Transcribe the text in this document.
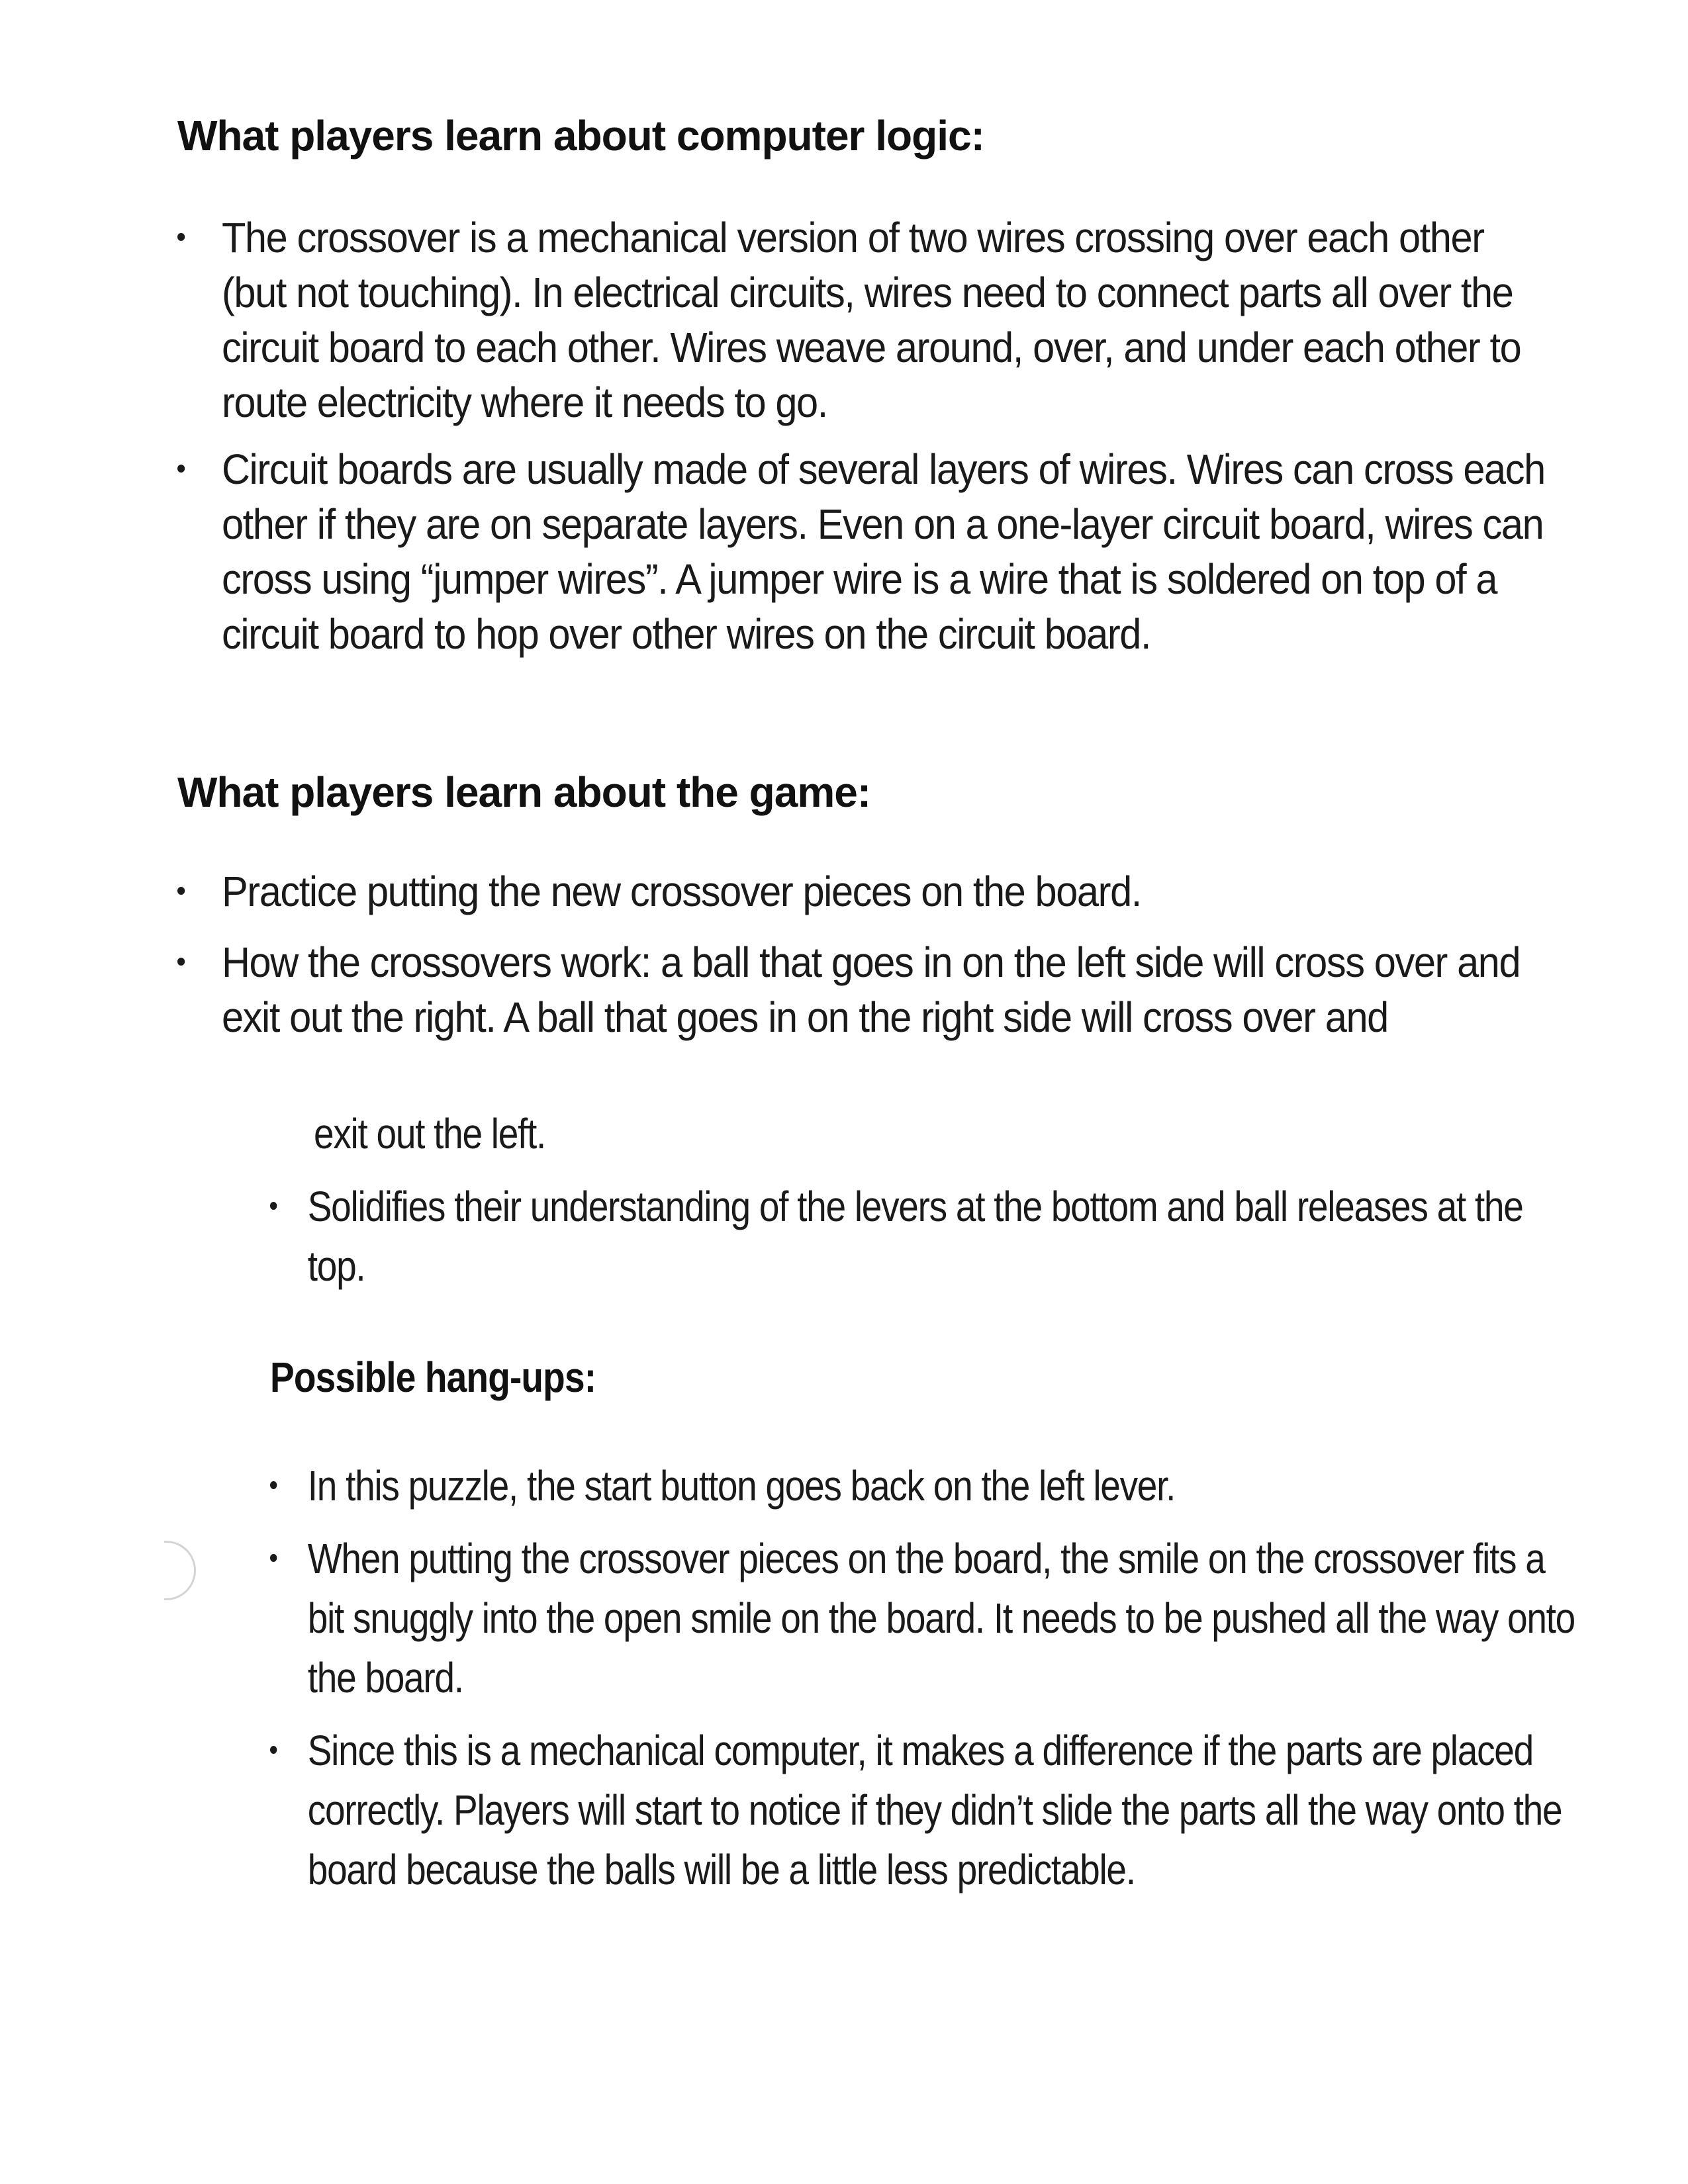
What players learn about computer logic:
The crossover is a mechanical version of two wires crossing over each other (but not touching). In electrical circuits, wires need to connect parts all over the circuit board to each other. Wires weave around, over, and under each other to route electricity where it needs to go.
Circuit boards are usually made of several layers of wires. Wires can cross each other if they are on separate layers. Even on a one-layer circuit board, wires can cross using “jumper wires”. A jumper wire is a wire that is soldered on top of a circuit board to hop over other wires on the circuit board.
What players learn about the game:
Practice putting the new crossover pieces on the board.
How the crossovers work: a ball that goes in on the left side will cross over and exit out the right. A ball that goes in on the right side will cross over and

exit out the left.

Solidifies their understanding of the levers at the bottom and ball releases at the top.
Possible hang-ups:
In this puzzle, the start button goes back on the left lever.
When putting the crossover pieces on the board, the smile on the crossover fits a bit snuggly into the open smile on the board. It needs to be pushed all the way onto the board.
Since this is a mechanical computer, it makes a difference if the parts are placed correctly. Players will start to notice if they didn’t slide the parts all the way onto the board because the balls will be a little less predictable.
